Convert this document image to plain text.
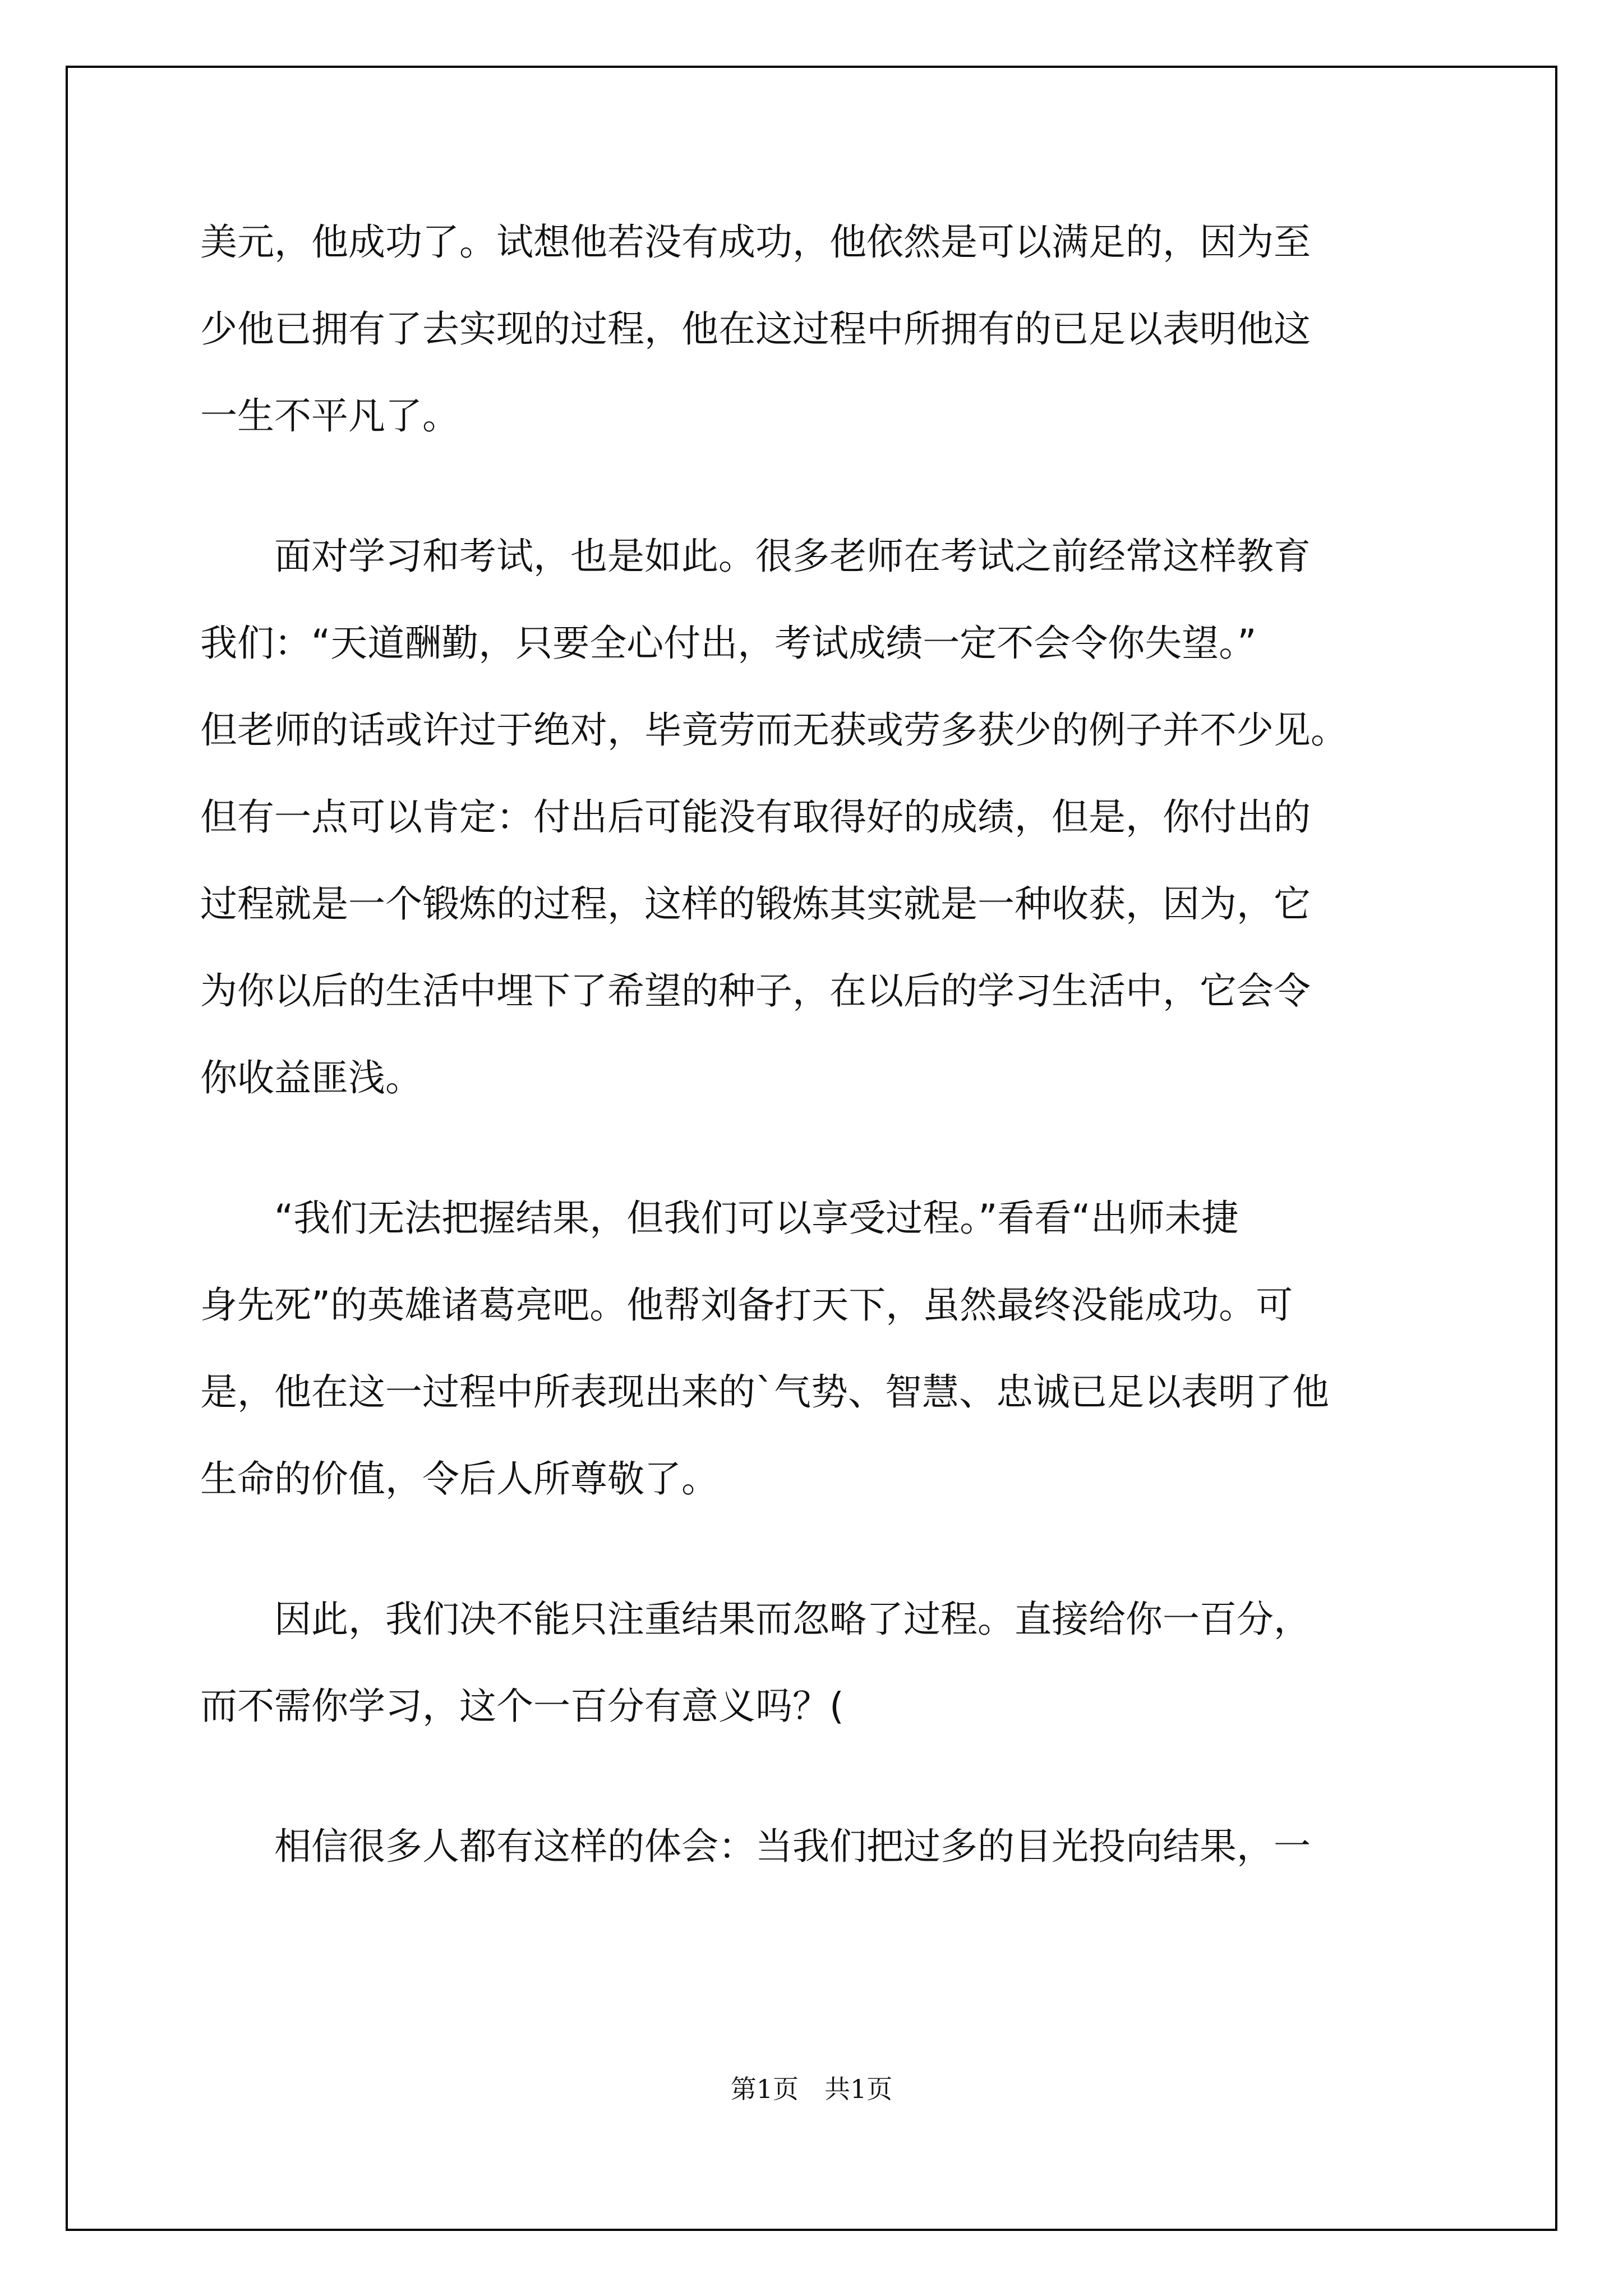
美元，他成功了。试想他若没有成功，他依然是可以满足的，因为至
少他已拥有了去实现的过程，他在这过程中所拥有的已足以表明他这
一生不平凡了。
面对学习和考试，也是如此。很多老师在考试之前经常这样教育
我们：“天道酬勤，只要全心付出，考试成绩一定不会令你失望。”
但老师的话或许过于绝对，毕竟劳而无获或劳多获少的例子并不少见。
但有一点可以肯定：付出后可能没有取得好的成绩，但是，你付出的
过程就是一个锻炼的过程，这样的锻炼其实就是一种收获，因为，它
为你以后的生活中埋下了希望的种子，在以后的学习生活中，它会令
你收益匪浅。
“我们无法把握结果，但我们可以享受过程。”看看“出师未捷
身先死”的英雄诸葛亮吧。他帮刘备打天下，虽然最终没能成功。可
是，他在这一过程中所表现出来的`气势、智慧、忠诚已足以表明了他
生命的价值，令后人所尊敬了。
因此，我们决不能只注重结果而忽略了过程。直接给你一百分，
而不需你学习，这个一百分有意义吗？(
相信很多人都有这样的体会：当我们把过多的目光投向结果，一
第1页　共1页
